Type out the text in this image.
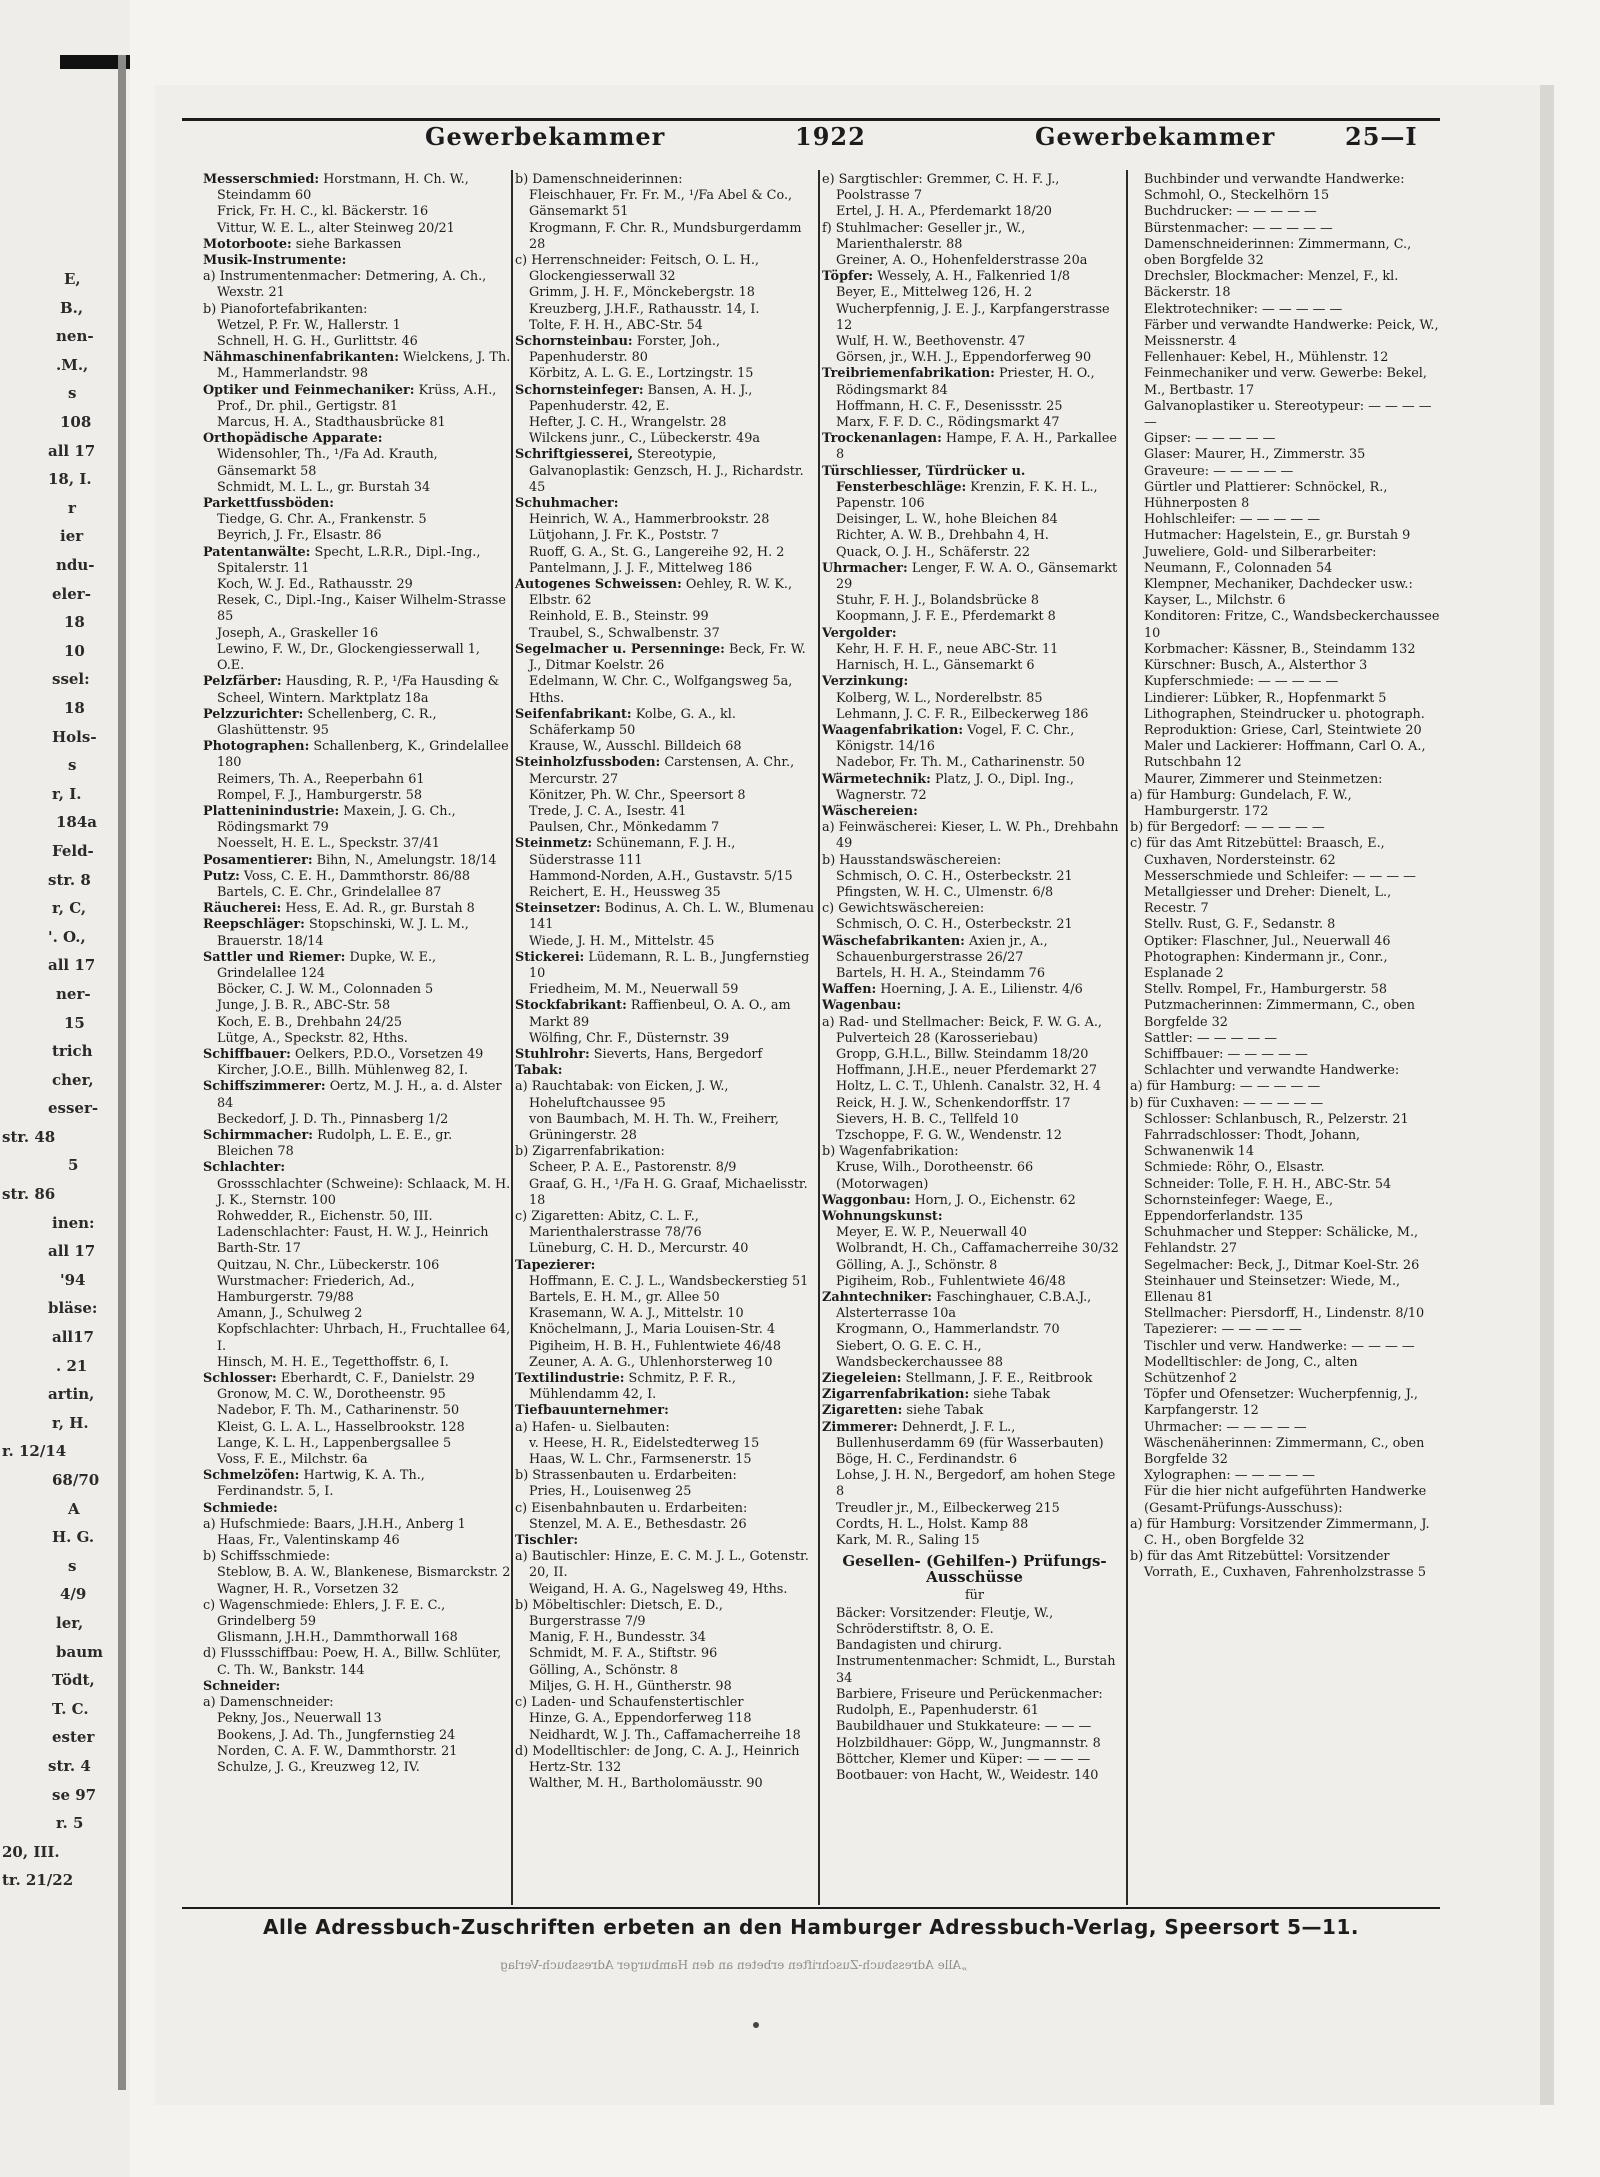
E,
B.,
nen-
.M.,
s
108
all 17
18, I.
r
ier
ndu-
eler-
18
10
ssel:
18
Hols-
s
r, I.
184a
Feld-
str. 8
r, C,
'. O.,
all 17
ner-
15
trich
cher,
esser-
str. 48
5
str. 86
inen:
all 17
'94
bläse:
all17
. 21
artin,
r, H.
r. 12/14
68/70
A
H. G.
s
4/9
ler,
baum
Tödt,
T. C.
ester
str. 4
se 97
r. 5
20, III.
tr. 21/22
Gewerbekammer	1922	Gewerbekammer	25—I

Messerschmied: Horstmann, H. Ch. W., Steindamm 60

Frick, Fr. H. C., kl. Bäckerstr. 16

Vittur, W. E. L., alter Steinweg 20/21

Motorboote: siehe Barkassen

Musik-Instrumente:

a) Instrumentenmacher: Detmering, A. Ch., Wexstr. 21

b) Pianofortefabrikanten:

Wetzel, P. Fr. W., Hallerstr. 1

Schnell, H. G. H., Gurlittstr. 46

Nähmaschinenfabrikanten: Wielckens, J. Th. M., Hammerlandstr. 98

Optiker und Feinmechaniker: Krüss, A.H., Prof., Dr. phil., Gertigstr. 81

Marcus, H. A., Stadthausbrücke 81

Orthopädische Apparate:

Widensohler, Th., ¹/Fa Ad. Krauth, Gänsemarkt 58

Schmidt, M. L. L., gr. Burstah 34

Parkettfussböden:

Tiedge, G. Chr. A., Frankenstr. 5

Beyrich, J. Fr., Elsastr. 86

Patentanwälte: Specht, L.R.R., Dipl.-Ing., Spitalerstr. 11

Koch, W. J. Ed., Rathausstr. 29

Resek, C., Dipl.-Ing., Kaiser Wilhelm-Strasse 85

Joseph, A., Graskeller 16

Lewino, F. W., Dr., Glockengiesserwall 1, O.E.

Pelzfärber: Hausding, R. P., ¹/Fa Hausding & Scheel, Wintern. Marktplatz 18a

Pelzzurichter: Schellenberg, C. R., Glashüttenstr. 95

Photographen: Schallenberg, K., Grindelallee 180

Reimers, Th. A., Reeperbahn 61

Rompel, F. J., Hamburgerstr. 58

Platteninindustrie: Maxein, J. G. Ch., Rödingsmarkt 79

Noesselt, H. E. L., Speckstr. 37/41

Posamentierer: Bihn, N., Amelungstr. 18/14

Putz: Voss, C. E. H., Dammthorstr. 86/88

Bartels, C. E. Chr., Grindelallee 87

Räucherei: Hess, E. Ad. R., gr. Burstah 8

Reepschläger: Stopschinski, W. J. L. M., Brauerstr. 18/14

Sattler und Riemer: Dupke, W. E., Grindelallee 124

Böcker, C. J. W. M., Colonnaden 5

Junge, J. B. R., ABC-Str. 58

Koch, E. B., Drehbahn 24/25

Lütge, A., Speckstr. 82, Hths.

Schiffbauer: Oelkers, P.D.O., Vorsetzen 49

Kircher, J.O.E., Billh. Mühlenweg 82, I.

Schiffszimmerer: Oertz, M. J. H., a. d. Alster 84

Beckedorf, J. D. Th., Pinnasberg 1/2

Schirmmacher: Rudolph, L. E. E., gr. Bleichen 78

Schlachter:

Grossschlachter (Schweine): Schlaack, M. H. J. K., Sternstr. 100

Rohwedder, R., Eichenstr. 50, III.

Ladenschlachter: Faust, H. W. J., Heinrich Barth-Str. 17

Quitzau, N. Chr., Lübeckerstr. 106

Wurstmacher: Friederich, Ad., Hamburgerstr. 79/88

Amann, J., Schulweg 2

Kopfschlachter: Uhrbach, H., Fruchtallee 64, I.

Hinsch, M. H. E., Tegetthoffstr. 6, I.

Schlosser: Eberhardt, C. F., Danielstr. 29

Gronow, M. C. W., Dorotheenstr. 95

Nadebor, F. Th. M., Catharinenstr. 50

Kleist, G. L. A. L., Hasselbrookstr. 128

Lange, K. L. H., Lappenbergsallee 5

Voss, F. E., Milchstr. 6a

Schmelzöfen: Hartwig, K. A. Th., Ferdinandstr. 5, I.

Schmiede:

a) Hufschmiede: Baars, J.H.H., Anberg 1

Haas, Fr., Valentinskamp 46

b) Schiffsschmiede:

Steblow, B. A. W., Blankenese, Bismarckstr. 2

Wagner, H. R., Vorsetzen 32

c) Wagenschmiede: Ehlers, J. F. E. C., Grindelberg 59

Glismann, J.H.H., Dammthorwall 168

d) Flussschiffbau: Poew, H. A., Billw. Schlüter, C. Th. W., Bankstr. 144

Schneider:

a) Damenschneider:

Pekny, Jos., Neuerwall 13

Bookens, J. Ad. Th., Jungfernstieg 24

Norden, C. A. F. W., Dammthorstr. 21

Schulze, J. G., Kreuzweg 12, IV.

b) Damenschneiderinnen:

Fleischhauer, Fr. Fr. M., ¹/Fa Abel & Co., Gänsemarkt 51

Krogmann, F. Chr. R., Mundsburgerdamm 28

c) Herrenschneider: Feitsch, O. L. H., Glockengiesserwall 32

Grimm, J. H. F., Mönckebergstr. 18

Kreuzberg, J.H.F., Rathausstr. 14, I.

Tolte, F. H. H., ABC-Str. 54

Schornsteinbau: Forster, Joh., Papenhuderstr. 80

Körbitz, A. L. G. E., Lortzingstr. 15

Schornsteinfeger: Bansen, A. H. J., Papenhuderstr. 42, E.

Hefter, J. C. H., Wrangelstr. 28

Wilckens junr., C., Lübeckerstr. 49a

Schriftgiesserei, Stereotypie, Galvanoplastik: Genzsch, H. J., Richardstr. 45

Schuhmacher:

Heinrich, W. A., Hammerbrookstr. 28

Lütjohann, J. Fr. K., Poststr. 7

Ruoff, G. A., St. G., Langereihe 92, H. 2

Pantelmann, J. J. F., Mittelweg 186

Autogenes Schweissen: Oehley, R. W. K., Elbstr. 62

Reinhold, E. B., Steinstr. 99

Traubel, S., Schwalbenstr. 37

Segelmacher u. Persenninge: Beck, Fr. W. J., Ditmar Koelstr. 26

Edelmann, W. Chr. C., Wolfgangsweg 5a, Hths.

Seifenfabrikant: Kolbe, G. A., kl. Schäferkamp 50

Krause, W., Ausschl. Billdeich 68

Steinholzfussboden: Carstensen, A. Chr., Mercurstr. 27

Könitzer, Ph. W. Chr., Speersort 8

Trede, J. C. A., Isestr. 41

Paulsen, Chr., Mönkedamm 7

Steinmetz: Schünemann, F. J. H., Süderstrasse 111

Hammond-Norden, A.H., Gustavstr. 5/15

Reichert, E. H., Heussweg 35

Steinsetzer: Bodinus, A. Ch. L. W., Blumenau 141

Wiede, J. H. M., Mittelstr. 45

Stickerei: Lüdemann, R. L. B., Jungfernstieg 10

Friedheim, M. M., Neuerwall 59

Stockfabrikant: Raffienbeul, O. A. O., am Markt 89

Wölfing, Chr. F., Düsternstr. 39

Stuhlrohr: Sieverts, Hans, Bergedorf

Tabak:

a) Rauchtabak: von Eicken, J. W., Hoheluftchaussee 95

von Baumbach, M. H. Th. W., Freiherr, Grüningerstr. 28

b) Zigarrenfabrikation:

Scheer, P. A. E., Pastorenstr. 8/9

Graaf, G. H., ¹/Fa H. G. Graaf, Michaelisstr. 18

c) Zigaretten: Abitz, C. L. F., Marienthalerstrasse 78/76

Lüneburg, C. H. D., Mercurstr. 40

Tapezierer:

Hoffmann, E. C. J. L., Wandsbeckerstieg 51

Bartels, E. H. M., gr. Allee 50

Krasemann, W. A. J., Mittelstr. 10

Knöchelmann, J., Maria Louisen-Str. 4

Pigiheim, H. B. H., Fuhlentwiete 46/48

Zeuner, A. A. G., Uhlenhorsterweg 10

Textilindustrie: Schmitz, P. F. R., Mühlendamm 42, I.

Tiefbauunternehmer:

a) Hafen- u. Sielbauten:

v. Heese, H. R., Eidelstedterweg 15

Haas, W. L. Chr., Farmsenerstr. 15

b) Strassenbauten u. Erdarbeiten:

Pries, H., Louisenweg 25

c) Eisenbahnbauten u. Erdarbeiten:

Stenzel, M. A. E., Bethesdastr. 26

Tischler:

a) Bautischler: Hinze, E. C. M. J. L., Gotenstr. 20, II.

Weigand, H. A. G., Nagelsweg 49, Hths.

b) Möbeltischler: Dietsch, E. D., Burgerstrasse 7/9

Manig, F. H., Bundesstr. 34

Schmidt, M. F. A., Stiftstr. 96

Gölling, A., Schönstr. 8

Miljes, G. H. H., Güntherstr. 98

c) Laden- und Schaufenstertischler

Hinze, G. A., Eppendorferweg 118

Neidhardt, W. J. Th., Caffamacherreihe 18

d) Modelltischler: de Jong, C. A. J., Heinrich Hertz-Str. 132

Walther, M. H., Bartholomäusstr. 90

e) Sargtischler: Gremmer, C. H. F. J., Poolstrasse 7

Ertel, J. H. A., Pferdemarkt 18/20

f) Stuhlmacher: Geseller jr., W., Marienthalerstr. 88

Greiner, A. O., Hohenfelderstrasse 20a

Töpfer: Wessely, A. H., Falkenried 1/8

Beyer, E., Mittelweg 126, H. 2

Wucherpfennig, J. E. J., Karpfangerstrasse 12

Wulf, H. W., Beethovenstr. 47

Görsen, jr., W.H. J., Eppendorferweg 90

Treibriemenfabrikation: Priester, H. O., Rödingsmarkt 84

Hoffmann, H. C. F., Desenissstr. 25

Marx, F. F. D. C., Rödingsmarkt 47

Trockenanlagen: Hampe, F. A. H., Parkallee 8

Türschliesser, Türdrücker u. Fensterbeschläge: Krenzin, F. K. H. L., Papenstr. 106

Deisinger, L. W., hohe Bleichen 84

Richter, A. W. B., Drehbahn 4, H.

Quack, O. J. H., Schäferstr. 22

Uhrmacher: Lenger, F. W. A. O., Gänsemarkt 29

Stuhr, F. H. J., Bolandsbrücke 8

Koopmann, J. F. E., Pferdemarkt 8

Vergolder:

Kehr, H. F. H. F., neue ABC-Str. 11

Harnisch, H. L., Gänsemarkt 6

Verzinkung:

Kolberg, W. L., Norderelbstr. 85

Lehmann, J. C. F. R., Eilbeckerweg 186

Waagenfabrikation: Vogel, F. C. Chr., Königstr. 14/16

Nadebor, Fr. Th. M., Catharinenstr. 50

Wärmetechnik: Platz, J. O., Dipl. Ing., Wagnerstr. 72

Wäschereien:

a) Feinwäscherei: Kieser, L. W. Ph., Drehbahn 49

b) Hausstandswäschereien:

Schmisch, O. C. H., Osterbeckstr. 21

Pfingsten, W. H. C., Ulmenstr. 6/8

c) Gewichtswäschereien:

Schmisch, O. C. H., Osterbeckstr. 21

Wäschefabrikanten: Axien jr., A., Schauenburgerstrasse 26/27

Bartels, H. H. A., Steindamm 76

Waffen: Hoerning, J. A. E., Lilienstr. 4/6

Wagenbau:

a) Rad- und Stellmacher: Beick, F. W. G. A., Pulverteich 28 (Karosseriebau)

Gropp, G.H.L., Billw. Steindamm 18/20

Hoffmann, J.H.E., neuer Pferdemarkt 27

Holtz, L. C. T., Uhlenh. Canalstr. 32, H. 4

Reick, H. J. W., Schenkendorffstr. 17

Sievers, H. B. C., Tellfeld 10

Tzschoppe, F. G. W., Wendenstr. 12

b) Wagenfabrikation:

Kruse, Wilh., Dorotheenstr. 66 (Motorwagen)

Waggonbau: Horn, J. O., Eichenstr. 62

Wohnungskunst:

Meyer, E. W. P., Neuerwall 40

Wolbrandt, H. Ch., Caffamacherreihe 30/32

Gölling, A. J., Schönstr. 8

Pigiheim, Rob., Fuhlentwiete 46/48

Zahntechniker: Faschinghauer, C.B.A.J., Alsterterrasse 10a

Krogmann, O., Hammerlandstr. 70

Siebert, O. G. E. C. H., Wandsbeckerchaussee 88

Ziegeleien: Stellmann, J. F. E., Reitbrook

Zigarrenfabrikation: siehe Tabak

Zigaretten: siehe Tabak

Zimmerer: Dehnerdt, J. F. L., Bullenhuserdamm 69 (für Wasserbauten)

Böge, H. C., Ferdinandstr. 6

Lohse, J. H. N., Bergedorf, am hohen Stege 8

Treudler jr., M., Eilbeckerweg 215

Cordts, H. L., Holst. Kamp 88

Kark, M. R., Saling 15

Gesellen- (Gehilfen-) Prüfungs-Ausschüsse
für

Bäcker: Vorsitzender: Fleutje, W., Schröderstiftstr. 8, O. E.

Bandagisten und chirurg. Instrumentenmacher: Schmidt, L., Burstah 34

Barbiere, Friseure und Perückenmacher: Rudolph, E., Papenhuderstr. 61

Baubildhauer und Stukkateure: — — —

Holzbildhauer: Göpp, W., Jungmannstr. 8

Böttcher, Klemer und Küper: — — — —

Bootbauer: von Hacht, W., Weidestr. 140

Buchbinder und verwandte Handwerke: Schmohl, O., Steckelhörn 15

Buchdrucker: — — — — —

Bürstenmacher: — — — — —

Damenschneiderinnen: Zimmermann, C., oben Borgfelde 32

Drechsler, Blockmacher: Menzel, F., kl. Bäckerstr. 18

Elektrotechniker: — — — — —

Färber und verwandte Handwerke: Peick, W., Meissnerstr. 4

Fellenhauer: Kebel, H., Mühlenstr. 12

Feinmechaniker und verw. Gewerbe: Bekel, M., Bertbastr. 17

Galvanoplastiker u. Stereotypeur: — — — — —

Gipser: — — — — —

Glaser: Maurer, H., Zimmerstr. 35

Graveure: — — — — —

Gürtler und Plattierer: Schnöckel, R., Hühnerposten 8

Hohlschleifer: — — — — —

Hutmacher: Hagelstein, E., gr. Burstah 9

Juweliere, Gold- und Silberarbeiter: Neumann, F., Colonnaden 54

Klempner, Mechaniker, Dachdecker usw.: Kayser, L., Milchstr. 6

Konditoren: Fritze, C., Wandsbeckerchaussee 10

Korbmacher: Kässner, B., Steindamm 132

Kürschner: Busch, A., Alsterthor 3

Kupferschmiede: — — — — —

Lindierer: Lübker, R., Hopfenmarkt 5

Lithographen, Steindrucker u. photograph. Reproduktion: Griese, Carl, Steintwiete 20

Maler und Lackierer: Hoffmann, Carl O. A., Rutschbahn 12

Maurer, Zimmerer und Steinmetzen:

a) für Hamburg: Gundelach, F. W., Hamburgerstr. 172

b) für Bergedorf: — — — — —

c) für das Amt Ritzebüttel: Braasch, E., Cuxhaven, Nordersteinstr. 62

Messerschmiede und Schleifer: — — — —

Metallgiesser und Dreher: Dienelt, L., Recestr. 7

Stellv. Rust, G. F., Sedanstr. 8

Optiker: Flaschner, Jul., Neuerwall 46

Photographen: Kindermann jr., Conr., Esplanade 2

Stellv. Rompel, Fr., Hamburgerstr. 58

Putzmacherinnen: Zimmermann, C., oben Borgfelde 32

Sattler: — — — — —

Schiffbauer: — — — — —

Schlachter und verwandte Handwerke:

a) für Hamburg: — — — — —

b) für Cuxhaven: — — — — —

Schlosser: Schlanbusch, R., Pelzerstr. 21

Fahrradschlosser: Thodt, Johann, Schwanenwik 14

Schmiede: Röhr, O., Elsastr.

Schneider: Tolle, F. H. H., ABC-Str. 54

Schornsteinfeger: Waege, E., Eppendorferlandstr. 135

Schuhmacher und Stepper: Schälicke, M., Fehlandstr. 27

Segelmacher: Beck, J., Ditmar Koel-Str. 26

Steinhauer und Steinsetzer: Wiede, M., Ellenau 81

Stellmacher: Piersdorff, H., Lindenstr. 8/10

Tapezierer: — — — — —

Tischler und verw. Handwerke: — — — —

Modelltischler: de Jong, C., alten Schützenhof 2

Töpfer und Ofensetzer: Wucherpfennig, J., Karpfangerstr. 12

Uhrmacher: — — — — —

Wäschenäherinnen: Zimmermann, C., oben Borgfelde 32

Xylographen: — — — — —

Für die hier nicht aufgeführten Handwerke (Gesamt-Prüfungs-Ausschuss):

a) für Hamburg: Vorsitzender Zimmermann, J. C. H., oben Borgfelde 32

b) für das Amt Ritzebüttel: Vorsitzender Vorrath, E., Cuxhaven, Fahrenholzstrasse 5

Alle Adressbuch-Zuschriften erbeten an den Hamburger Adressbuch-Verlag, Speersort 5—11.
„Alle Adressbuch-Zuschriften erbeten an den Hamburger Adressbuch-Verlag
